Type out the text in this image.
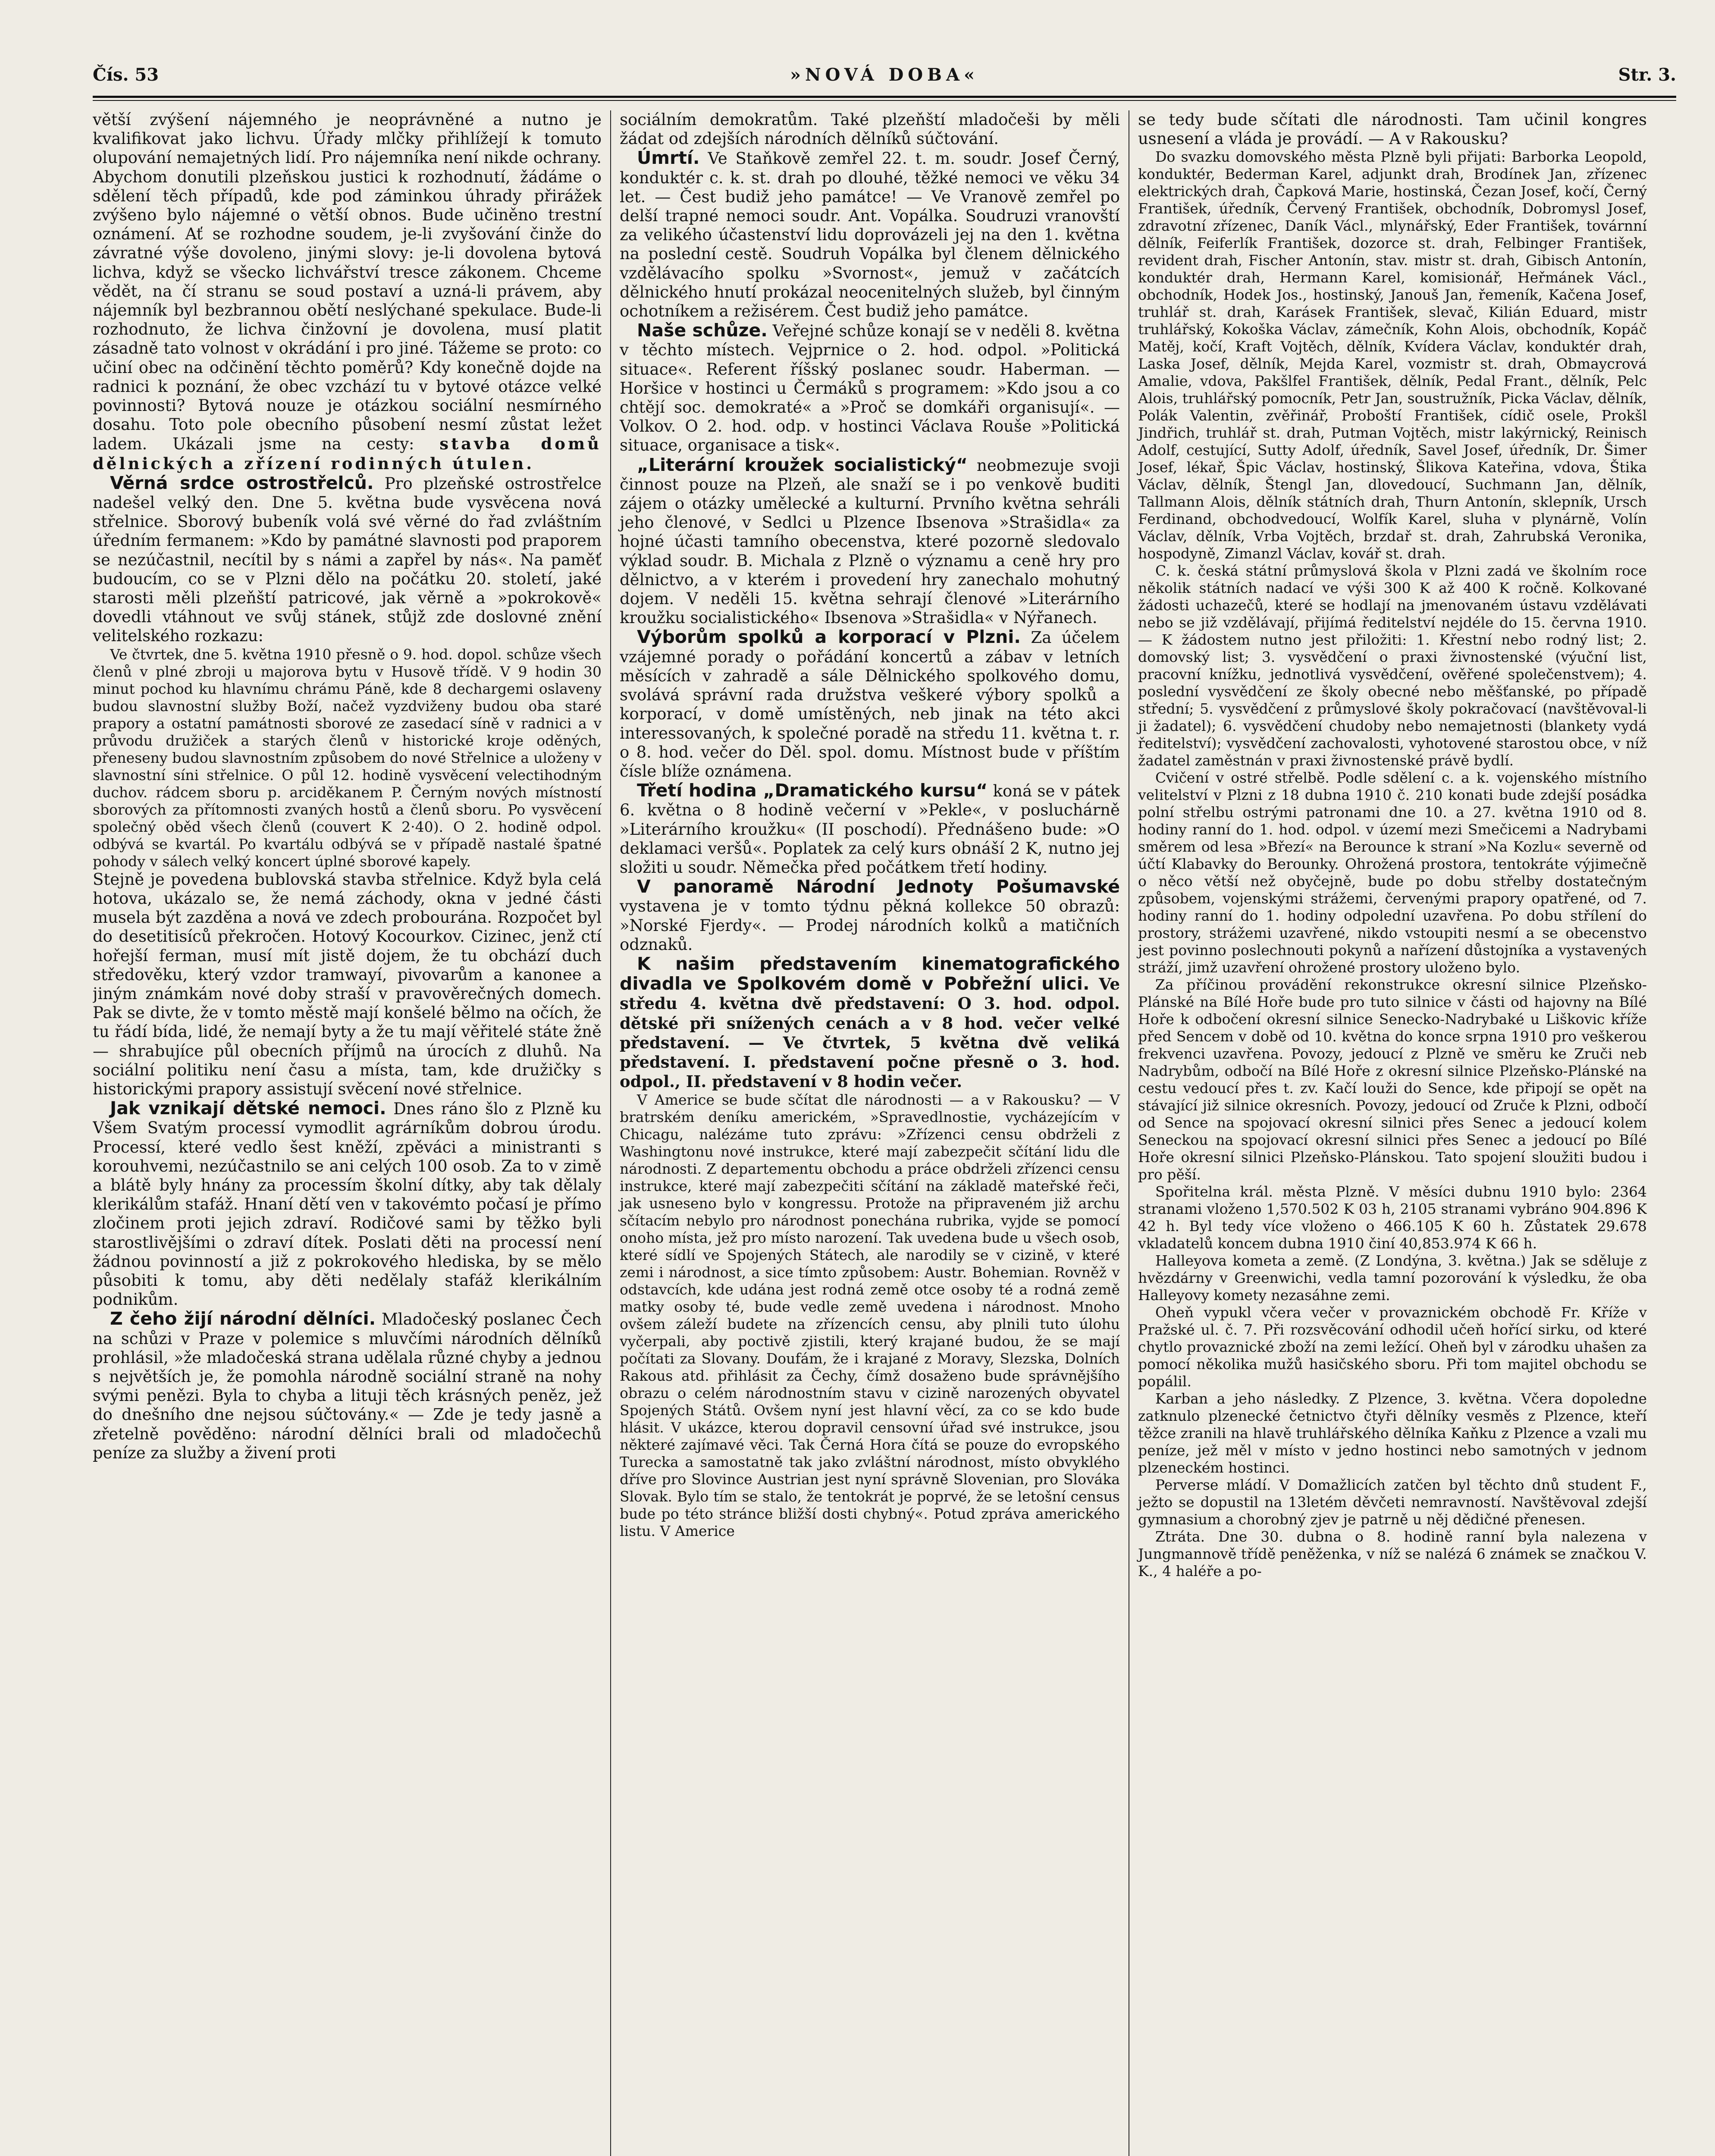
Čís. 53	»NOVÁ DOBA«	Str. 3.

větší zvýšení nájemného je neoprávněné a nutno je kvalifikovat jako lichvu. Úřady mlčky přihlížejí k tomuto olupování nemajetných lidí. Pro nájemníka není nikde ochrany. Abychom donutili plzeňskou justici k rozhodnutí, žádáme o sdělení těch případů, kde pod záminkou úhrady přirážek zvýšeno bylo nájemné o větší obnos. Bude učiněno trestní oznámení. Ať se rozhodne soudem, je-li zvyšování činže do závratné výše dovoleno, jinými slovy: je-li dovolena bytová lichva, když se všecko lichvářství tresce zákonem. Chceme vědět, na čí stranu se soud postaví a uzná-li právem, aby nájemník byl bezbrannou obětí neslýchané spekulace. Bude-li rozhodnuto, že lichva činžovní je dovolena, musí platit zásadně tato volnost v okrádání i pro jiné. Tážeme se proto: co učiní obec na odčinění těchto poměrů? Kdy konečně dojde na radnici k poznání, že obec vzchází tu v bytové otázce velké povinnosti? Bytová nouze je otázkou sociální nesmírného dosahu. Toto pole obecního působení nesmí zůstat ležet ladem. Ukázali jsme na cesty: stavba domů dělnických a zřízení rodinných útulen.

Věrná srdce ostrostřelců. Pro plzeňské ostrostřelce nadešel velký den. Dne 5. května bude vysvěcena nová střelnice. Sborový bubeník volá své věrné do řad zvláštním úředním fermanem: »Kdo by památné slavnosti pod praporem se nezúčastnil, necítil by s námi a zapřel by nás«. Na paměť budoucím, co se v Plzni dělo na počátku 20. století, jaké starosti měli plzeňští patricové, jak věrně a »pokrokově« dovedli vtáhnout ve svůj stánek, stůjž zde doslovné znění velitelského rozkazu:

Ve čtvrtek, dne 5. května 1910 přesně o 9. hod. dopol. schůze všech členů v plné zbroji u majorova bytu v Husově třídě. V 9 hodin 30 minut pochod ku hlavnímu chrámu Páně, kde 8 dechargemi oslaveny budou slavnostní služby Boží, načež vyzdviženy budou oba staré prapory a ostatní památnosti sborové ze zasedací síně v radnici a v průvodu družiček a starých členů v historické kroje oděných, přeneseny budou slavnostním způsobem do nové Střelnice a uloženy v slavnostní síni střelnice. O půl 12. hodině vysvěcení velectihodným duchov. rádcem sboru p. arciděkanem P. Černým nových místností sborových za přítomnosti zvaných hostů a členů sboru. Po vysvěcení společný oběd všech členů (couvert K 2·40). O 2. hodině odpol. odbývá se kvartál. Po kvartálu odbývá se v případě nastalé špatné pohody v sálech velký koncert úplné sborové kapely.

Stejně je povedena bublovská stavba střelnice. Když byla celá hotova, ukázalo se, že nemá záchody, okna v jedné části musela být zazděna a nová ve zdech probourána. Rozpočet byl do desetitisíců překročen. Hotový Kocourkov. Cizinec, jenž ctí hořejší ferman, musí mít jistě dojem, že tu obchází duch středověku, který vzdor tramwayí, pivovarům a kanonee a jiným známkám nové doby straší v pravověrečných domech. Pak se divte, že v tomto městě mají konšelé bělmo na očích, že tu řádí bída, lidé, že nemají byty a že tu mají věřitelé státe žně — shrabujíce půl obecních příjmů na úrocích z dluhů. Na sociální politiku není času a místa, tam, kde družičky s historickými prapory assistují svěcení nové střelnice.

Jak vznikají dětské nemoci. Dnes ráno šlo z Plzně ku Všem Svatým processí vymodlit agrárníkům dobrou úrodu. Processí, které vedlo šest kněží, zpěváci a ministranti s korouhvemi, nezúčastnilo se ani celých 100 osob. Za to v zimě a blátě byly hnány za processím školní dítky, aby tak dělaly klerikálům stafáž. Hnaní dětí ven v takovémto počasí je přímo zločinem proti jejich zdraví. Rodičové sami by těžko byli starostlivějšími o zdraví dítek. Poslati děti na processí není žádnou povinností a již z pokrokového hlediska, by se mělo působiti k tomu, aby děti nedělaly stafáž klerikálním podnikům.

Z čeho žijí národní dělníci. Mladočeský poslanec Čech na schůzi v Praze v polemice s mluvčími národních dělníků prohlásil, »že mladočeská strana udělala různé chyby a jednou s největších je, že pomohla národně sociální straně na nohy svými penězi. Byla to chyba a lituji těch krásných peněz, jež do dnešního dne nejsou súčtovány.« — Zde je tedy jasně a zřetelně pověděno: národní dělníci brali od mladočechů peníze za služby a živení proti

sociálním demokratům. Také plzeňští mladočeši by měli žádat od zdejších národních dělníků súčtování.

Úmrtí. Ve Staňkově zemřel 22. t. m. soudr. Josef Černý, konduktér c. k. st. drah po dlouhé, těžké nemoci ve věku 34 let. — Čest budiž jeho památce! — Ve Vranově zemřel po delší trapné nemoci soudr. Ant. Vopálka. Soudruzi vranovští za velikého účastenství lidu doprovázeli jej na den 1. května na poslední cestě. Soudruh Vopálka byl členem dělnického vzdělávacího spolku »Svornost«, jemuž v začátcích dělnického hnutí prokázal neocenitelných služeb, byl činným ochotníkem a režisérem. Čest budiž jeho památce.

Naše schůze. Veřejné schůze konají se v neděli 8. května v těchto místech. Vejprnice o 2. hod. odpol. »Politická situace«. Referent říšský poslanec soudr. Haberman. — Horšice v hostinci u Čermáků s programem: »Kdo jsou a co chtějí soc. demokraté« a »Proč se domkáři organisují«. — Volkov. O 2. hod. odp. v hostinci Václava Rouše »Politická situace, organisace a tisk«.

„Literární kroužek socialistický“ neobmezuje svoji činnost pouze na Plzeň, ale snaží se i po venkově buditi zájem o otázky umělecké a kulturní. Prvního května sehráli jeho členové, v Sedlci u Plzence Ibsenova »Strašidla« za hojné účasti tamního obecenstva, které pozorně sledovalo výklad soudr. B. Michala z Plzně o významu a ceně hry pro dělnictvo, a v kterém i provedení hry zanechalo mohutný dojem. V neděli 15. května sehrají členové »Literárního kroužku socialistického« Ibsenova »Strašidla« v Nýřanech.

Výborům spolků a korporací v Plzni. Za účelem vzájemné porady o pořádání koncertů a zábav v letních měsících v zahradě a sále Dělnického spolkového domu, svolává správní rada družstva veškeré výbory spolků a korporací, v domě umístěných, neb jinak na této akci interessovaných, k společné poradě na středu 11. května t. r. o 8. hod. večer do Děl. spol. domu. Místnost bude v příštím čísle blíže oznámena.

Třetí hodina „Dramatického kursu“ koná se v pátek 6. května o 8 hodině večerní v »Pekle«, v posluchárně »Literárního kroužku« (II poschodí). Přednášeno bude: »O deklamaci veršů«. Poplatek za celý kurs obnáší 2 K, nutno jej složiti u soudr. Němečka před počátkem třetí hodiny.

V panoramě Národní Jednoty Pošumavské vystavena je v tomto týdnu pěkná kollekce 50 obrazů: »Norské Fjerdy«. — Prodej národních kolků a matičních odznaků.

K našim představením kinematografického divadla ve Spolkovém domě v Pobřežní ulici. Ve středu 4. května dvě představení: O 3. hod. odpol. dětské při snížených cenách a v 8 hod. večer velké představení. — Ve čtvrtek, 5 května dvě veliká představení. I. představení počne přesně o 3. hod. odpol., II. představení v 8 hodin večer.

V Americe se bude sčítat dle národnosti — a v Rakousku? — V bratrském deníku americkém, »Spravedlnostie, vycházejícím v Chicagu, nalézáme tuto zprávu: »Zřízenci censu obdrželi z Washingtonu nové instrukce, které mají zabezpečit sčítání lidu dle národnosti. Z departementu obchodu a práce obdrželi zřízenci censu instrukce, které mají zabezpečiti sčítání na základě mateřské řeči, jak usneseno bylo v kongressu. Protože na připraveném již archu sčítacím nebylo pro národnost ponechána rubrika, vyjde se pomocí onoho místa, jež pro místo narození. Tak uvedena bude u všech osob, které sídlí ve Spojených Státech, ale narodily se v cizině, v které zemi i národnost, a sice tímto způsobem: Austr. Bohemian. Rovněž v odstavcích, kde udána jest rodná země otce osoby té a rodná země matky osoby té, bude vedle země uvedena i národnost. Mnoho ovšem záleží budete na zřízencích censu, aby plnili tuto úlohu vyčerpali, aby poctivě zjistili, který krajané budou, že se mají počítati za Slovany. Doufám, že i krajané z Moravy, Slezska, Dolních Rakous atd. přihlásit za Čechy, čímž dosaženo bude správnějšího obrazu o celém národnostním stavu v cizině narozených obyvatel Spojených Států. Ovšem nyní jest hlavní věcí, za co se kdo bude hlásit. V ukázce, kterou dopravil censovní úřad své instrukce, jsou některé zajímavé věci. Tak Černá Hora čítá se pouze do evropského Turecka a samostatně tak jako zvláštní národnost, místo obvyklého dříve pro Slovince Austrian jest nyní správně Slovenian, pro Slováka Slovak. Bylo tím se stalo, že tentokrát je poprvé, že se letošní census bude po této stránce bližší dosti chybný«. Potud zpráva amerického listu. V Americe

se tedy bude sčítati dle národnosti. Tam učinil kongres usnesení a vláda je provádí. — A v Rakousku?

Do svazku domovského města Plzně byli přijati: Barborka Leopold, konduktér, Bederman Karel, adjunkt drah, Brodínek Jan, zřízenec elektrických drah, Čapková Marie, hostinská, Čezan Josef, kočí, Černý František, úředník, Červený František, obchodník, Dobromysl Josef, zdravotní zřízenec, Daník Václ., mlynářský, Eder František, továrnní dělník, Feiferlík František, dozorce st. drah, Felbinger František, revident drah, Fischer Antonín, stav. mistr st. drah, Gibisch Antonín, konduktér drah, Hermann Karel, komisionář, Heřmánek Václ., obchodník, Hodek Jos., hostinský, Janouš Jan, řemeník, Kačena Josef, truhlář st. drah, Karásek František, slevač, Kilián Eduard, mistr truhlářský, Kokoška Václav, zámečník, Kohn Alois, obchodník, Kopáč Matěj, kočí, Kraft Vojtěch, dělník, Kvídera Václav, konduktér drah, Laska Josef, dělník, Mejda Karel, vozmistr st. drah, Obmaycrová Amalie, vdova, Pakšlfel František, dělník, Pedal Frant., dělník, Pelc Alois, truhlářský pomocník, Petr Jan, soustružník, Picka Václav, dělník, Polák Valentin, zvěřinář, Proboští František, cídič osele, Prokšl Jindřich, truhlář st. drah, Putman Vojtěch, mistr lakýrnický, Reinisch Adolf, cestující, Sutty Adolf, úředník, Savel Josef, úředník, Dr. Šimer Josef, lékař, Špic Václav, hostinský, Šlikova Kateřina, vdova, Štika Václav, dělník, Štengl Jan, dlovedoucí, Suchmann Jan, dělník, Tallmann Alois, dělník státních drah, Thurn Antonín, sklepník, Ursch Ferdinand, obchodvedoucí, Wolfík Karel, sluha v plynárně, Volín Václav, dělník, Vrba Vojtěch, brzdař st. drah, Zahrubská Veronika, hospodyně, Zimanzl Václav, kovář st. drah.

C. k. česká státní průmyslová škola v Plzni zadá ve školním roce několik státních nadací ve výši 300 K až 400 K ročně. Kolkované žádosti uchazečů, které se hodlají na jmenovaném ústavu vzdělávati nebo se již vzdělávají, přijímá ředitelství nejdéle do 15. června 1910. — K žádostem nutno jest přiložiti: 1. Křestní nebo rodný list; 2. domovský list; 3. vysvědčení o praxi živnostenské (výuční list, pracovní knížku, jednotlivá vysvědčení, ověřené společenstvem); 4. poslední vysvědčení ze školy obecné nebo měšťanské, po případě střední; 5. vysvědčení z průmyslové školy pokračovací (navštěvoval-li ji žadatel); 6. vysvědčení chudoby nebo nemajetnosti (blankety vydá ředitelství); vysvědčení zachovalosti, vyhotovené starostou obce, v níž žadatel zaměstnán v praxi živnostenské právě bydlí.

Cvičení v ostré střelbě. Podle sdělení c. a k. vojenského místního velitelství v Plzni z 18 dubna 1910 č. 210 konati bude zdejší posádka polní střelbu ostrými patronami dne 10. a 27. května 1910 od 8. hodiny ranní do 1. hod. odpol. v území mezi Smečicemi a Nadrybami směrem od lesa »Březí« na Berounce k straní »Na Kozlu« severně od účtí Klabavky do Berounky. Ohrožená prostora, tentokráte výjimečně o něco větší než obyčejně, bude po dobu střelby dostatečným způsobem, vojenskými strážemi, červenými prapory opatřené, od 7. hodiny ranní do 1. hodiny odpolední uzavřena. Po dobu střílení do prostory, strážemi uzavřené, nikdo vstoupiti nesmí a se obecenstvo jest povinno poslechnouti pokynů a nařízení důstojníka a vystavených stráží, jimž uzavření ohrožené prostory uloženo bylo.

Za příčinou provádění rekonstrukce okresní silnice Plzeňsko-Plánské na Bílé Hoře bude pro tuto silnice v části od hajovny na Bílé Hoře k odbočení okresní silnice Senecko-Nadrybaké u Liškovic kříže před Sencem v době od 10. května do konce srpna 1910 pro veškerou frekvenci uzavřena. Povozy, jedoucí z Plzně ve směru ke Zruči neb Nadrybům, odbočí na Bílé Hoře z okresní silnice Plzeňsko-Plánské na cestu vedoucí přes t. zv. Kačí louži do Sence, kde připojí se opět na stávající již silnice okresních. Povozy, jedoucí od Zruče k Plzni, odbočí od Sence na spojovací okresní silnici přes Senec a jedoucí kolem Seneckou na spojovací okresní silnici přes Senec a jedoucí po Bílé Hoře okresní silnici Plzeňsko-Plánskou. Tato spojení sloužiti budou i pro pěší.

Spořitelna král. města Plzně. V měsíci dubnu 1910 bylo: 2364 stranami vloženo 1,570.502 K 03 h, 2105 stranami vybráno 904.896 K 42 h. Byl tedy více vloženo o 466.105 K 60 h. Zůstatek 29.678 vkladatelů koncem dubna 1910 činí 40,853.974 K 66 h.

Halleyova kometa a země. (Z Londýna, 3. května.) Jak se sděluje z hvězdárny v Greenwichi, vedla tamní pozorování k výsledku, že oba Halleyovy komety nezasáhne zemi.

Oheň vypukl včera večer v provaznickém obchodě Fr. Kříže v Pražské ul. č. 7. Při rozsvěcování odhodil učeň hořící sirku, od které chytlo provaznické zboží na zemi ležící. Oheň byl v zárodku uhašen za pomocí několika mužů hasičského sboru. Při tom majitel obchodu se popálil.

Karban a jeho následky. Z Plzence, 3. května. Včera dopoledne zatknulo plzenecké četnictvo čtyři dělníky vesměs z Plzence, kteří těžce zranili na hlavě truhlářského dělníka Kaňku z Plzence a vzali mu peníze, jež měl v místo v jedno hostinci nebo samotných v jednom plzeneckém hostinci.

Perverse mládí. V Domažlicích zatčen byl těchto dnů student F., ježto se dopustil na 13letém děvčeti nemravností. Navštěvoval zdejší gymnasium a chorobný zjev je patrně u něj dědičné přenesen.

Ztráta. Dne 30. dubna o 8. hodině ranní byla nalezena v Jungmannově třídě peněženka, v níž se nalézá 6 známek se značkou V. K., 4 haléře a po-
